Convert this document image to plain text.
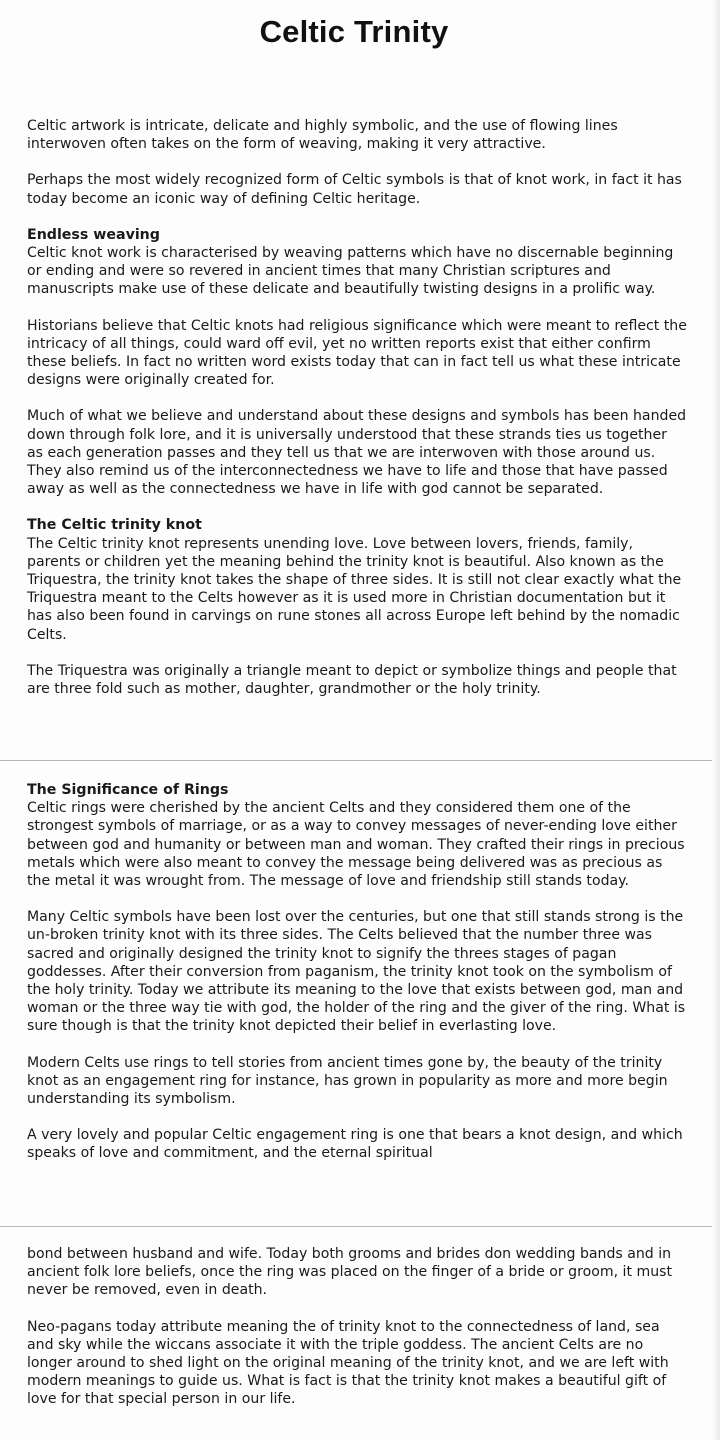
Celtic Trinity

Celtic artwork is intricate, delicate and highly symbolic, and the use of flowing lines interwoven often takes on the form of weaving, making it very attractive.

Perhaps the most widely recognized form of Celtic symbols is that of knot work, in fact it has today become an iconic way of defining Celtic heritage.

Endless weaving
Celtic knot work is characterised by weaving patterns which have no discernable beginning or ending and were so revered in ancient times that many Christian scriptures and manuscripts make use of these delicate and beautifully twisting designs in a prolific way.

Historians believe that Celtic knots had religious significance which were meant to reflect the intricacy of all things, could ward off evil, yet no written reports exist that either confirm these beliefs. In fact no written word exists today that can in fact tell us what these intricate designs were originally created for.

Much of what we believe and understand about these designs and symbols has been handed down through folk lore, and it is universally understood that these strands ties us together as each generation passes and they tell us that we are interwoven with those around us. They also remind us of the interconnectedness we have to life and those that have passed away as well as the connectedness we have in life with god cannot be separated.

The Celtic trinity knot
The Celtic trinity knot represents unending love. Love between lovers, friends, family, parents or children yet the meaning behind the trinity knot is beautiful. Also known as the Triquestra, the trinity knot takes the shape of three sides. It is still not clear exactly what the Triquestra meant to the Celts however as it is used more in Christian documentation but it has also been found in carvings on rune stones all across Europe left behind by the nomadic Celts.

The Triquestra was originally a triangle meant to depict or symbolize things and people that are three fold such as mother, daughter, grandmother or the holy trinity.

The Significance of Rings
Celtic rings were cherished by the ancient Celts and they considered them one of the strongest symbols of marriage, or as a way to convey messages of never-ending love either between god and humanity or between man and woman. They crafted their rings in precious metals which were also meant to convey the message being delivered was as precious as the metal it was wrought from. The message of love and friendship still stands today.

Many Celtic symbols have been lost over the centuries, but one that still stands strong is the un-broken trinity knot with its three sides. The Celts believed that the number three was sacred and originally designed the trinity knot to signify the threes stages of pagan goddesses. After their conversion from paganism, the trinity knot took on the symbolism of the holy trinity. Today we attribute its meaning to the love that exists between god, man and woman or the three way tie with god, the holder of the ring and the giver of the ring. What is sure though is that the trinity knot depicted their belief in everlasting love.

Modern Celts use rings to tell stories from ancient times gone by, the beauty of the trinity knot as an engagement ring for instance, has grown in popularity as more and more begin understanding its symbolism.

A very lovely and popular Celtic engagement ring is one that bears a knot design, and which speaks of love and commitment, and the eternal spiritual

bond between husband and wife. Today both grooms and brides don wedding bands and in ancient folk lore beliefs, once the ring was placed on the finger of a bride or groom, it must never be removed, even in death.

Neo-pagans today attribute meaning the of trinity knot to the connectedness of land, sea and sky while the wiccans associate it with the triple goddess. The ancient Celts are no longer around to shed light on the original meaning of the trinity knot, and we are left with modern meanings to guide us. What is fact is that the trinity knot makes a beautiful gift of love for that special person in our life.
